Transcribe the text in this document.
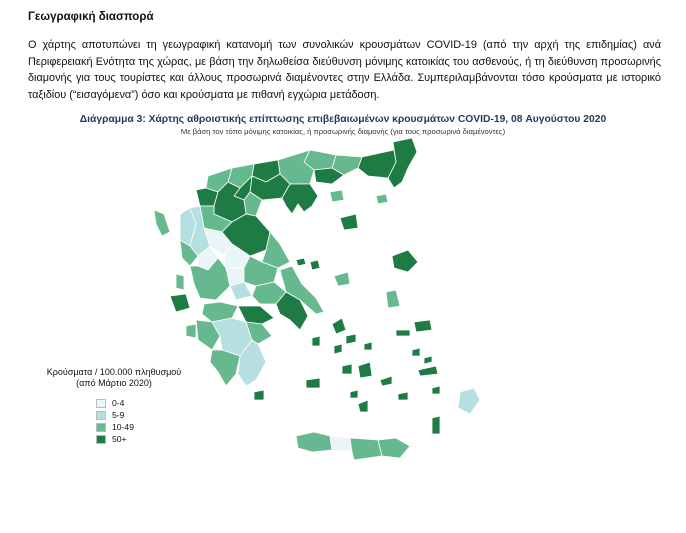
Γεωγραφική διασπορά
Ο χάρτης αποτυπώνει τη γεωγραφική κατανομή των συνολικών κρουσμάτων COVID-19 (από την αρχή της επιδημίας) ανά Περιφερειακή Ενότητα της χώρας, με βάση την δηλωθείσα διεύθυνση μόνιμης κατοικίας του ασθενούς, ή τη διεύθυνση προσωρινής διαμονής για τους τουρίστες και άλλους προσωρινά διαμένοντες στην Ελλάδα. Συμπεριλαμβάνονται τόσο κρούσματα με ιστορικό ταξιδίου (“εισαγόμενα”) όσο και κρούσματα με πιθανή εγχώρια μετάδοση.
Διάγραμμα 3: Χάρτης αθροιστικής επίπτωσης επιβεβαιωμένων κρουσμάτων COVID-19, 08 Αυγούστου 2020
Με βάση τον τόπο μόνιμης κατοικίας, ή προσωρινής διαμονής (για τους προσωρινά διαμένοντες)
Κρούσματα / 100.000 πληθυσμού
(από Μάρτιο 2020)
0-4
5-9
10-49
50+
